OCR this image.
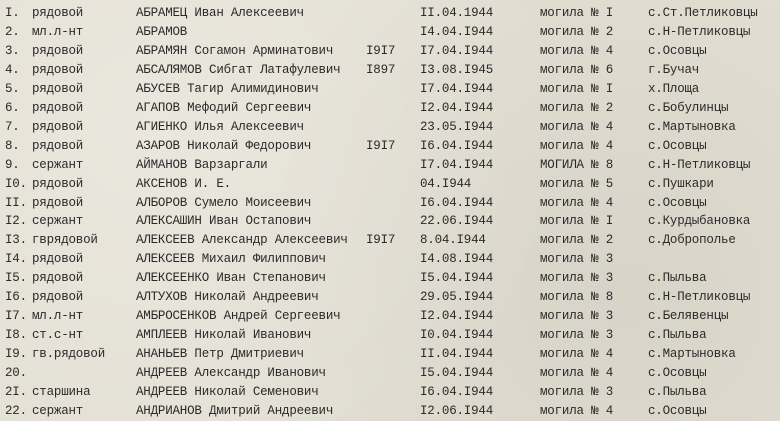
I. рядовой	АБРАМЕЦ Иван Алексеевич	II.04.1944	могила № I	с.Ст.Петликовцы
2. мл.л-нт	АБРАМОВ	I4.04.I944	могила № 2	с.Н-Петликовцы
3. рядовой	АБРАМЯН Согамон Арминатович	I9I7	I7.04.I944	могила № 4	с.Осовцы
4. рядовой	АБСАЛЯМОВ Сибгат Латафулевич	I897	I3.08.I945	могила № 6	г.Бучач
5. рядовой	АБУСЕВ Тагир Алимидинович	I7.04.I944	могила № I	х.Площа
6. рядовой	АГАПОВ Мефодий Сергеевич	I2.04.I944	могила № 2	с.Бобулинцы
7. рядовой	АГИЕНКО Илья Алексеевич	23.05.I944	могила № 4	с.Мартыновка
8. рядовой	АЗАРОВ Николай Федорович	I9I7	I6.04.I944	могила № 4	с.Осовцы
9. сержант	АЙМАНОВ Варзаргали	I7.04.I944	МОГИЛА № 8	с.Н-Петликовцы
I0. рядовой	АКСЕНОВ И. Е.	04.I944	могила № 5	с.Пушкари
II. рядовой	АЛБОРОВ Сумело Моисеевич	I6.04.I944	могила № 4	с.Осовцы
I2. сержант	АЛЕКСАШИН Иван Остапович	22.06.I944	могила № I	с.Курдыбановка
I3. гврядовой	АЛЕКСЕЕВ Александр Алексеевич	I9I7	8.04.I944	могила № 2	с.Доброполье
I4. рядовой	АЛЕКСЕЕВ Михаил Филиппович	I4.08.I944	могила № 3
I5. рядовой	АЛЕКСЕЕНКО Иван Степанович	I5.04.I944	могила № 3	с.Пыльва
I6. рядовой	АЛТУХОВ Николай Андреевич	29.05.I944	могила № 8	с.Н-Петликовцы
I7. мл.л-нт	АМБРОСЕНКОВ Андрей Сергеевич	I2.04.I944	могила № 3	с.Белявенцы
I8. ст.с-нт	АМПЛЕЕВ Николай Иванович	I0.04.I944	могила № 3	с.Пыльва
I9. гв.рядовой	АНАНЬЕВ Петр Дмитриевич	II.04.I944	могила № 4	с.Мартыновка
20.	АНДРЕЕВ Александр Иванович	I5.04.I944	могила № 4	с.Осовцы
2I. старшина	АНДРЕЕВ Николай Семенович	I6.04.I944	могила № 3	с.Пыльва
22. сержант	АНДРИАНОВ Дмитрий Андреевич	I2.06.I944	могила № 4	с.Осовцы
